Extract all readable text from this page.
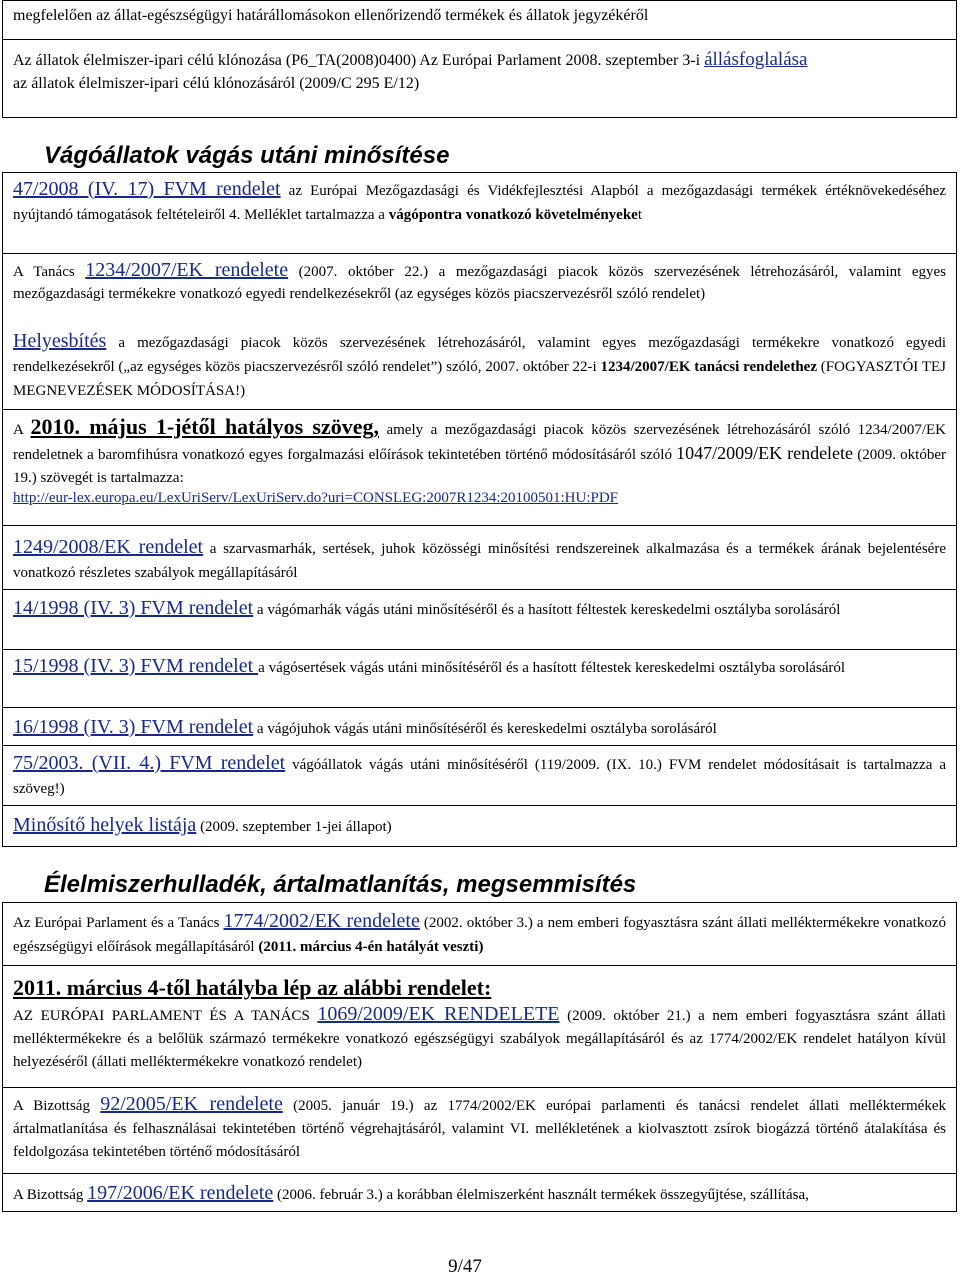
megfelelően az állat-egészségügyi határállomásokon ellenőrizendő termékek és állatok jegyzékéről
Az állatok élelmiszer-ipari célú klónozása (P6_TA(2008)0400) Az Európai Parlament 2008. szeptember 3-i állásfoglalása
az állatok élelmiszer-ipari célú klónozásáról (2009/C 295 E/12)
Vágóállatok vágás utáni minősítése
47/2008 (IV. 17) FVM rendelet az Európai Mezőgazdasági és Vidékfejlesztési Alapból a mezőgazdasági termékek értéknövekedéséhez nyújtandó támogatások feltételeiről 4. Melléklet tartalmazza a vágópontra vonatkozó követelményeket
A Tanács 1234/2007/EK rendelete (2007. október 22.) a mezőgazdasági piacok közös szervezésének létrehozásáról, valamint egyes mezőgazdasági termékekre vonatkozó egyedi rendelkezésekről (az egységes közös piacszervezésről szóló rendelet)
Helyesbítés a mezőgazdasági piacok közös szervezésének létrehozásáról, valamint egyes mezőgazdasági termékekre vonatkozó egyedi rendelkezésekről („az egységes közös piacszervezésről szóló rendelet”) szóló, 2007. október 22-i 1234/2007/EK tanácsi rendelethez (FOGYASZTÓI TEJ MEGNEVEZÉSEK MÓDOSÍTÁSA!)
A 2010. május 1-jétől hatályos szöveg, amely a mezőgazdasági piacok közös szervezésének létrehozásáról szóló 1234/2007/EK rendeletnek a baromfihúsra vonatkozó egyes forgalmazási előírások tekintetében történő módosításáról szóló 1047/2009/EK rendelete (2009. október 19.) szövegét is tartalmazza:
http://eur-lex.europa.eu/LexUriServ/LexUriServ.do?uri=CONSLEG:2007R1234:20100501:HU:PDF
1249/2008/EK rendelet a szarvasmarhák, sertések, juhok közösségi minősítési rendszereinek alkalmazása és a termékek árának bejelentésére vonatkozó részletes szabályok megállapításáról
14/1998 (IV. 3) FVM rendelet a vágómarhák vágás utáni minősítéséről és a hasított féltestek kereskedelmi osztályba sorolásáról
15/1998 (IV. 3) FVM rendelet a vágósertések vágás utáni minősítéséről és a hasított féltestek kereskedelmi osztályba sorolásáról
16/1998 (IV. 3) FVM rendelet a vágójuhok vágás utáni minősítéséről és kereskedelmi osztályba sorolásáról
75/2003. (VII. 4.) FVM rendelet vágóállatok vágás utáni minősítéséről (119/2009. (IX. 10.) FVM rendelet módosításait is tartalmazza a szöveg!)
Minősítő helyek listája (2009. szeptember 1-jei állapot)
Élelmiszerhulladék, ártalmatlanítás, megsemmisítés
Az Európai Parlament és a Tanács 1774/2002/EK rendelete (2002. október 3.) a nem emberi fogyasztásra szánt állati melléktermékekre vonatkozó egészségügyi előírások megállapításáról (2011. március 4-én hatályát veszti)
2011. március 4-től hatályba lép az alábbi rendelet:
AZ EURÓPAI PARLAMENT ÉS A TANÁCS 1069/2009/EK RENDELETE (2009. október 21.) a nem emberi fogyasztásra szánt állati melléktermékekre és a belőlük származó termékekre vonatkozó egészségügyi szabályok megállapításáról és az 1774/2002/EK rendelet hatályon kívül helyezéséről (állati melléktermékekre vonatkozó rendelet)
A Bizottság 92/2005/EK rendelete (2005. január 19.) az 1774/2002/EK európai parlamenti és tanácsi rendelet állati melléktermékek ártalmatlanítása és felhasználásai tekintetében történő végrehajtásáról, valamint VI. mellékletének a kiolvasztott zsírok biogázzá történő átalakítása és feldolgozása tekintetében történő módosításáról
A Bizottság 197/2006/EK rendelete (2006. február 3.) a korábban élelmiszerként használt termékek összegyűjtése, szállítása,
9/47
